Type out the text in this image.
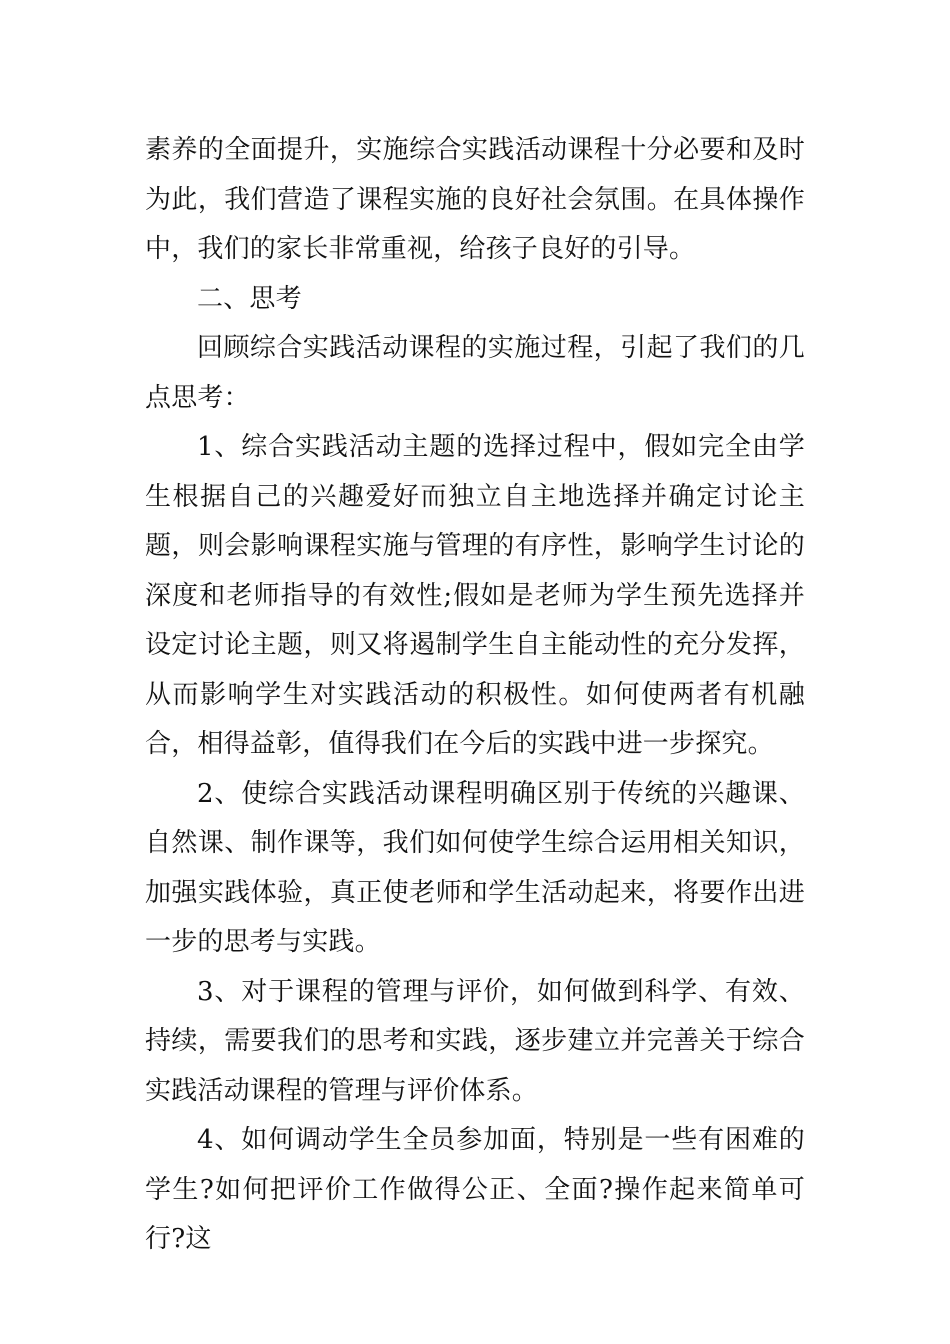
素养的全面提升，实施综合实践活动课程十分必要和及时为此，我们营造了课程实施的良好社会氛围。在具体操作中，我们的家长非常重视，给孩子良好的引导。

二、思考

回顾综合实践活动课程的实施过程，引起了我们的几点思考：

1、综合实践活动主题的选择过程中，假如完全由学生根据自己的兴趣爱好而独立自主地选择并确定讨论主题，则会影响课程实施与管理的有序性，影响学生讨论的深度和老师指导的有效性;假如是老师为学生预先选择并设定讨论主题，则又将遏制学生自主能动性的充分发挥，从而影响学生对实践活动的积极性。如何使两者有机融合，相得益彰，值得我们在今后的实践中进一步探究。

2、使综合实践活动课程明确区别于传统的兴趣课、自然课、制作课等，我们如何使学生综合运用相关知识，加强实践体验，真正使老师和学生活动起来，将要作出进一步的思考与实践。

3、对于课程的管理与评价，如何做到科学、有效、持续，需要我们的思考和实践，逐步建立并完善关于综合实践活动课程的管理与评价体系。

4、如何调动学生全员参加面，特别是一些有困难的学生?如何把评价工作做得公正、全面?操作起来简单可行?这
